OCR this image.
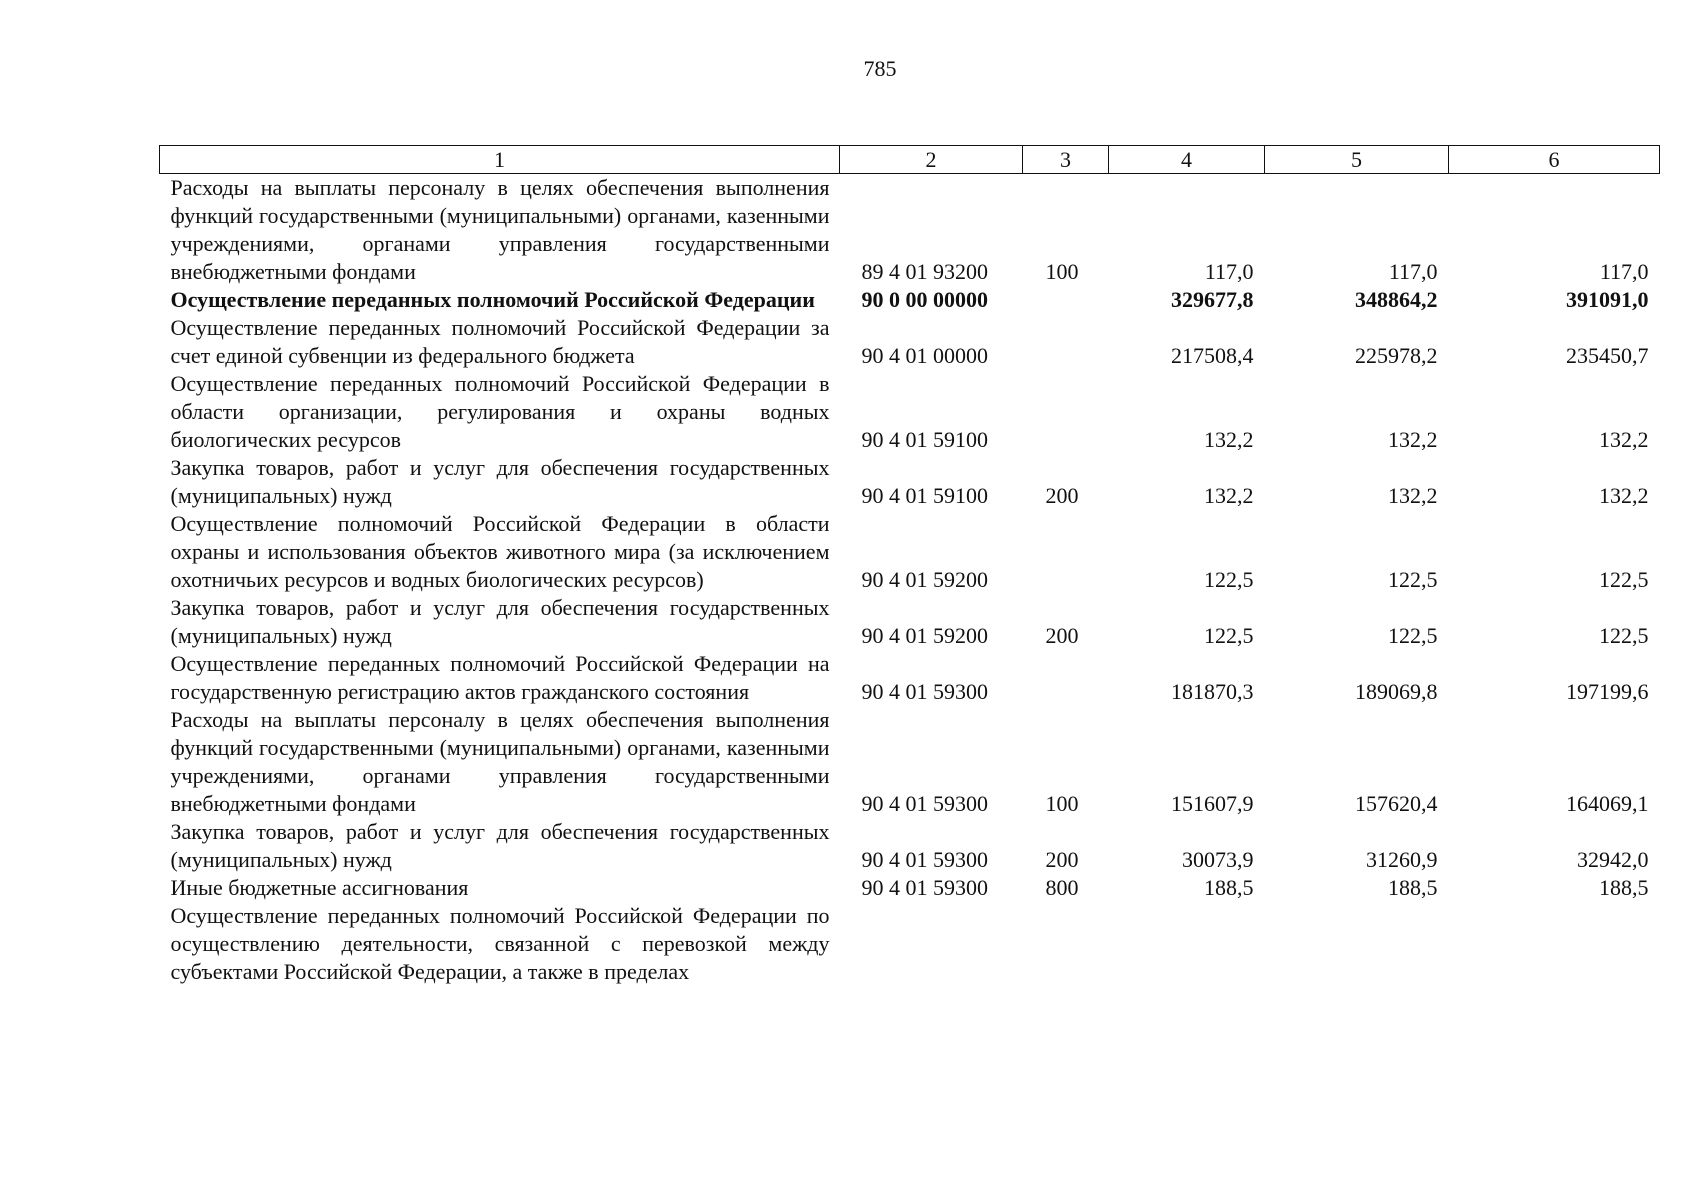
785
1	2	3	4	5	6
Расходы на выплаты персоналу в целях обеспечения выполнения функций государственными (муниципальными) органами, казенными учреждениями, органами управления государственными внебюджетными фондами	89 4 01 93200	100	117,0	117,0	117,0
Осуществление переданных полномочий Российской Федерации	90 0 00 00000		329677,8	348864,2	391091,0
Осуществление переданных полномочий Российской Федерации за счет единой субвенции из федерального бюджета	90 4 01 00000		217508,4	225978,2	235450,7
Осуществление переданных полномочий Российской Федерации в области организации, регулирования и охраны водных биологических ресурсов	90 4 01 59100		132,2	132,2	132,2
Закупка товаров, работ и услуг для обеспечения государственных (муниципальных) нужд	90 4 01 59100	200	132,2	132,2	132,2
Осуществление полномочий Российской Федерации в области охраны и использования объектов животного мира (за исключением охотничьих ресурсов и водных биологических ресурсов)	90 4 01 59200		122,5	122,5	122,5
Закупка товаров, работ и услуг для обеспечения государственных (муниципальных) нужд	90 4 01 59200	200	122,5	122,5	122,5
Осуществление переданных полномочий Российской Федерации на государственную регистрацию актов гражданского состояния	90 4 01 59300		181870,3	189069,8	197199,6
Расходы на выплаты персоналу в целях обеспечения выполнения функций государственными (муниципальными) органами, казенными учреждениями, органами управления государственными внебюджетными фондами	90 4 01 59300	100	151607,9	157620,4	164069,1
Закупка товаров, работ и услуг для обеспечения государственных (муниципальных) нужд	90 4 01 59300	200	30073,9	31260,9	32942,0
Иные бюджетные ассигнования	90 4 01 59300	800	188,5	188,5	188,5
Осуществление переданных полномочий Российской Федерации по осуществлению деятельности, связанной с перевозкой между субъектами Российской Федерации, а также в пределах					
